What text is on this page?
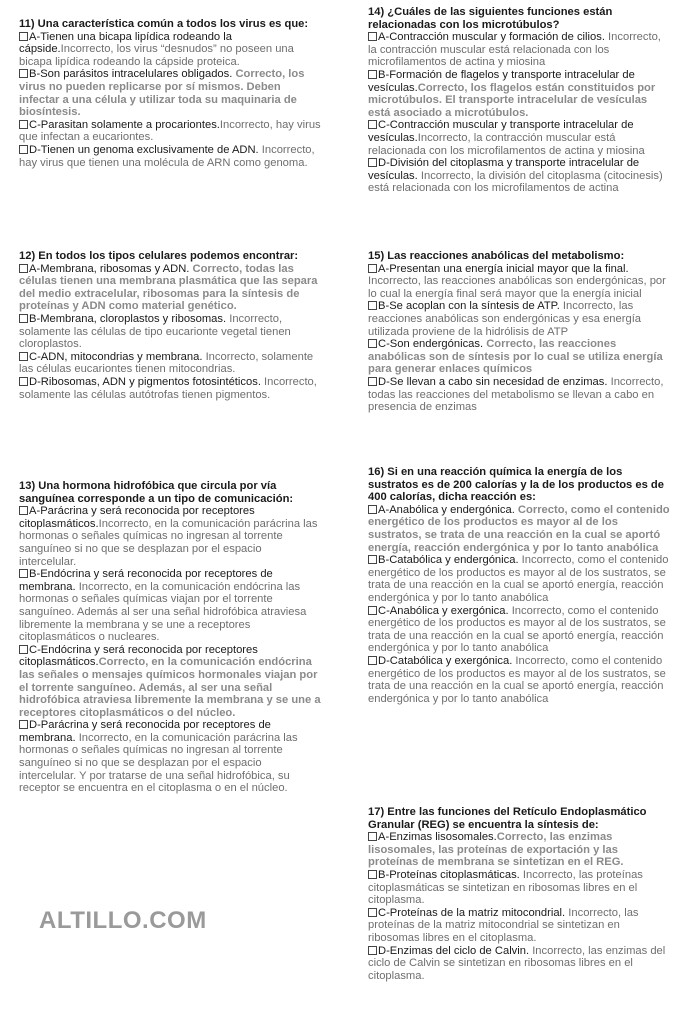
11) Una característica común a todos los virus es que:
A-Tienen una bicapa lipídica rodeando la cápside.Incorrecto, los virus “desnudos” no poseen una bicapa lipídica rodeando la cápside proteica.
B-Son parásitos intracelulares obligados. Correcto, los virus no pueden replicarse por sí mismos. Deben infectar a una célula y utilizar toda su maquinaria de biosíntesis.
C-Parasitan solamente a procariontes.Incorrecto, hay virus que infectan a eucariontes.
D-Tienen un genoma exclusivamente de ADN. Incorrecto, hay virus que tienen una molécula de ARN como genoma.
12) En todos los tipos celulares podemos encontrar:
A-Membrana, ribosomas y ADN. Correcto, todas las células tienen una membrana plasmática que las separa del medio extracelular, ribosomas para la síntesis de proteínas y ADN como material genético.
B-Membrana, cloroplastos y ribosomas. Incorrecto, solamente las células de tipo eucarionte vegetal tienen cloroplastos.
C-ADN, mitocondrias y membrana. Incorrecto, solamente las células eucariontes tienen mitocondrias.
D-Ribosomas, ADN y pigmentos fotosintéticos. Incorrecto, solamente las células autótrofas tienen pigmentos.
13) Una hormona hidrofóbica que circula por vía sanguínea corresponde a un tipo de comunicación:
A-Parácrina y será reconocida por receptores citoplasmáticos.Incorrecto, en la comunicación parácrina las hormonas o señales químicas no ingresan al torrente sanguíneo si no que se desplazan por el espacio intercelular.
B-Endócrina y será reconocida por receptores de membrana. Incorrecto, en la comunicación endócrina las hormonas o señales químicas viajan por el torrente sanguíneo. Además al ser una señal hidrofóbica atraviesa libremente la membrana y se une a receptores citoplasmáticos o nucleares.
C-Endócrina y será reconocida por receptores citoplasmáticos.Correcto, en la comunicación endócrina las señales o mensajes químicos hormonales viajan por el torrente sanguíneo. Además, al ser una señal hidrofóbica atraviesa libremente la membrana y se une a receptores citoplasmáticos o del núcleo.
D-Parácrina y será reconocida por receptores de membrana. Incorrecto, en la comunicación parácrina las hormonas o señales químicas no ingresan al torrente sanguíneo si no que se desplazan por el espacio intercelular. Y por tratarse de una señal hidrofóbica, su receptor se encuentra en el citoplasma o en el núcleo.
14) ¿Cuáles de las siguientes funciones están relacionadas con los microtúbulos?
A-Contracción muscular y formación de cilios. Incorrecto, la contracción muscular está relacionada con los microfilamentos de actina y miosina
B-Formación de flagelos y transporte intracelular de vesículas.Correcto, los flagelos están constituidos por microtúbulos. El transporte intracelular de vesículas está asociado a microtúbulos.
C-Contracción muscular y transporte intracelular de vesículas.Incorrecto, la contracción muscular está relacionada con los microfilamentos de actina y miosina
D-División del citoplasma y transporte intracelular de vesículas. Incorrecto, la división del citoplasma (citocinesis) está relacionada con los microfilamentos de actina
15) Las reacciones anabólicas del metabolismo:
A-Presentan una energía inicial mayor que la final. Incorrecto, las reacciones anabólicas son endergónicas, por lo cual la energía final será mayor que la energía inicial
B-Se acoplan con la síntesis de ATP. Incorrecto, las reacciones anabólicas son endergónicas y esa energía utilizada proviene de la hidrólisis de ATP
C-Son endergónicas. Correcto, las reacciones anabólicas son de síntesis por lo cual se utiliza energía para generar enlaces químicos
D-Se llevan a cabo sin necesidad de enzimas. Incorrecto, todas las reacciones del metabolismo se llevan a cabo en presencia de enzimas
16) Si en una reacción química la energía de los sustratos es de 200 calorías y la de los productos es de 400 calorías, dicha reacción es:
A-Anabólica y endergónica. Correcto, como el contenido energético de los productos es mayor al de los sustratos, se trata de una reacción en la cual se aportó energía, reacción endergónica y por lo tanto anabólica
B-Catabólica y endergónica. Incorrecto, como el contenido energético de los productos es mayor al de los sustratos, se trata de una reacción en la cual se aportó energía, reacción endergónica y por lo tanto anabólica
C-Anabólica y exergónica. Incorrecto, como el contenido energético de los productos es mayor al de los sustratos, se trata de una reacción en la cual se aportó energía, reacción endergónica y por lo tanto anabólica
D-Catabólica y exergónica. Incorrecto, como el contenido energético de los productos es mayor al de los sustratos, se trata de una reacción en la cual se aportó energía, reacción endergónica y por lo tanto anabólica
17) Entre las funciones del Retículo Endoplasmático Granular (REG) se encuentra la síntesis de:
A-Enzimas lisosomales.Correcto, las enzimas lisosomales, las proteínas de exportación y las proteínas de membrana se sintetizan en el REG.
B-Proteínas citoplasmáticas. Incorrecto, las proteínas citoplasmáticas se sintetizan en ribosomas libres en el citoplasma.
C-Proteínas de la matriz mitocondrial. Incorrecto, las proteínas de la matriz mitocondrial se sintetizan en ribosomas libres en el citoplasma.
D-Enzimas del ciclo de Calvin. Incorrecto, las enzimas del ciclo de Calvin se sintetizan en ribosomas libres en el citoplasma.
ALTILLO.COM
